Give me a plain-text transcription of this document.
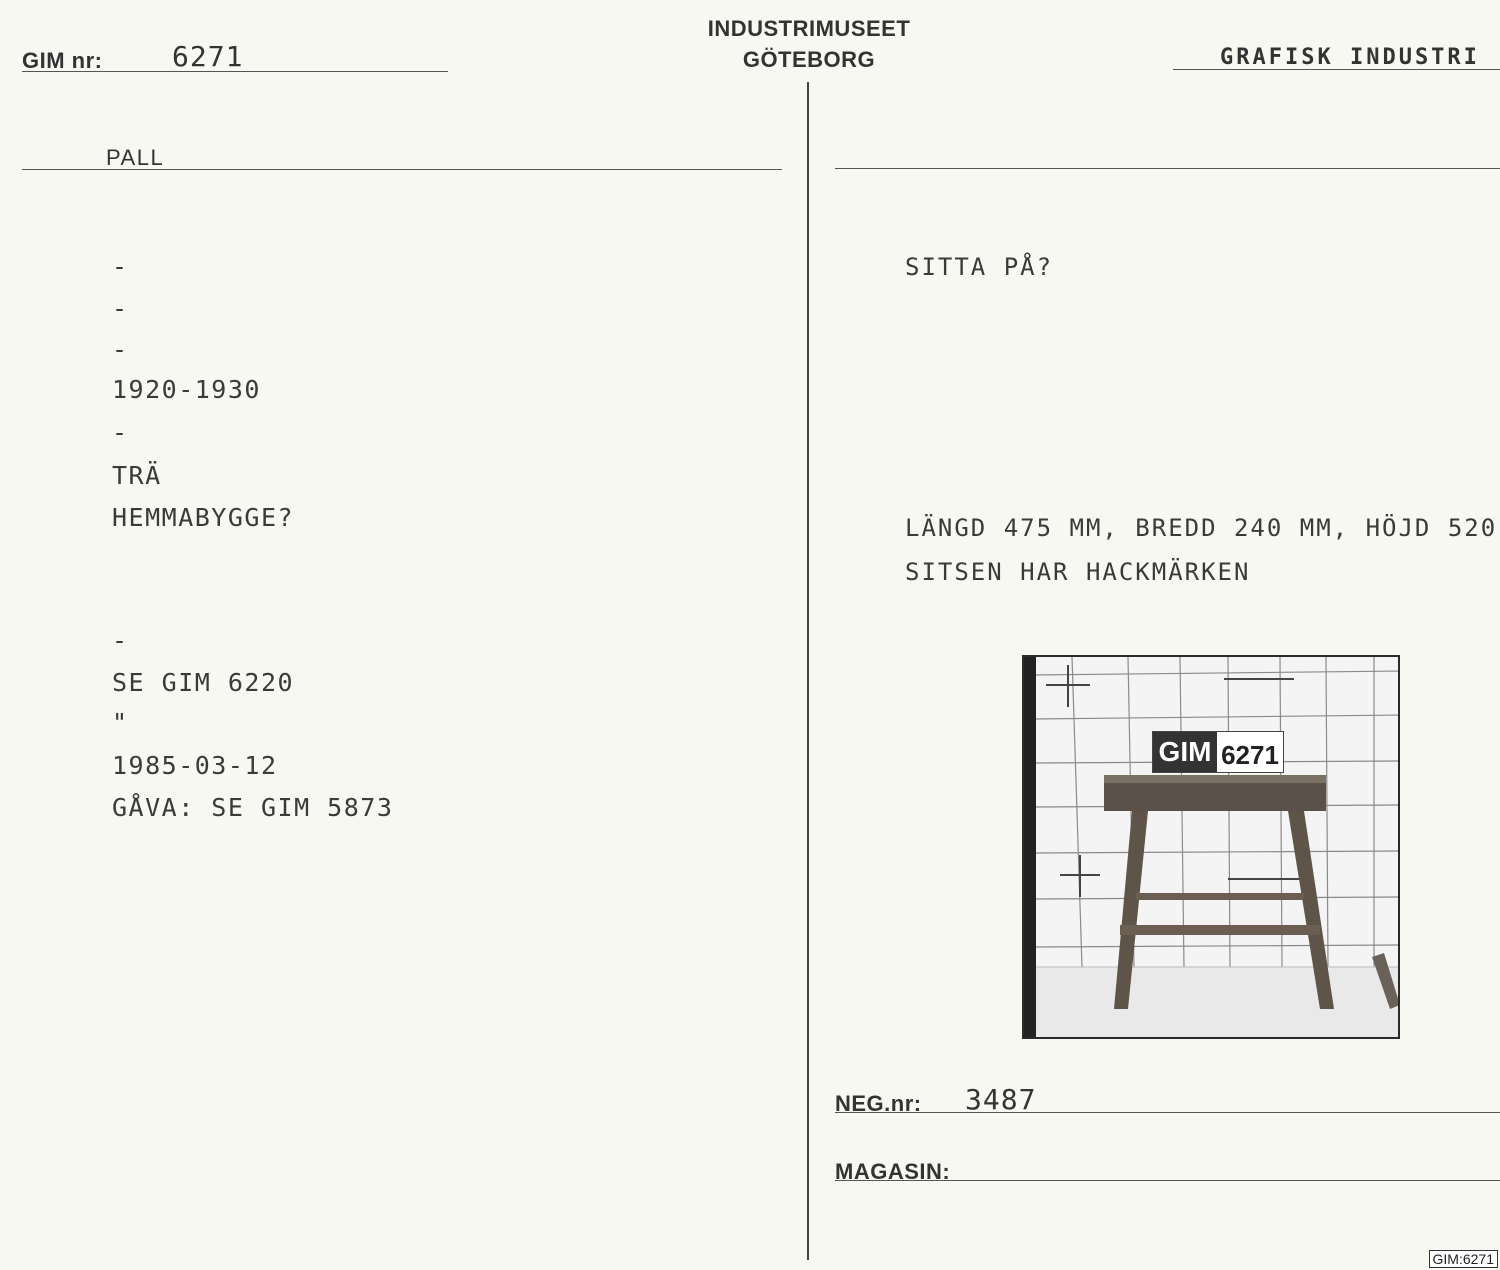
GIM nr: 6271
INDUSTRIMUSEET
GÖTEBORG	GRAFISK INDUSTRI
PALL
-
-
-
1920-1930
-
TRÄ
HEMMABYGGE?
-
SE GIM 6220
"
1985-03-12
GÅVA: SE GIM 5873
SITTA PÅ?
LÄNGD 475 MM, BREDD 240 MM, HÖJD 520
SITSEN HAR HACKMÄRKEN
GIM 6271
NEG.nr: 3487
MAGASIN:
GIM:6271
